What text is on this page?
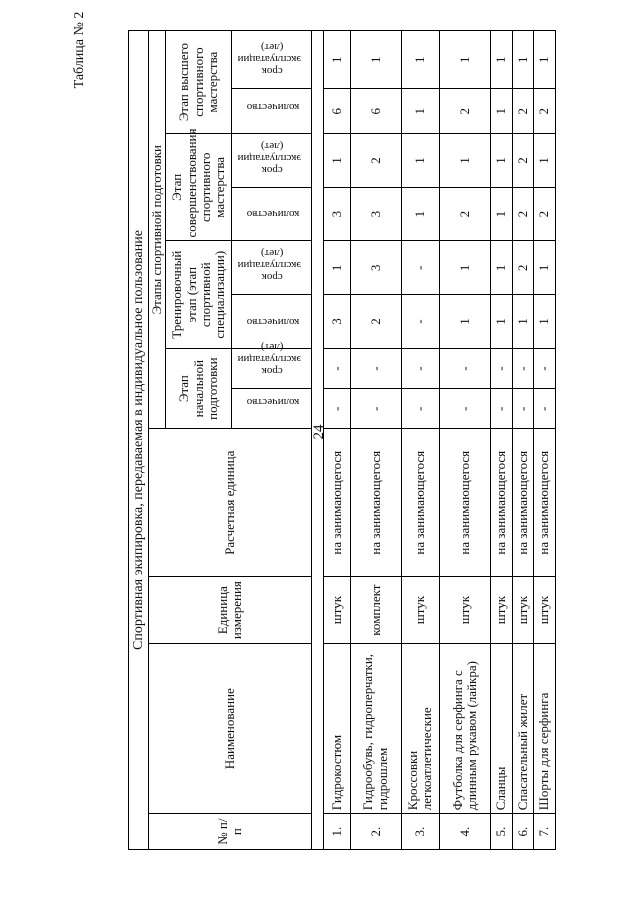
24
Таблица № 2
Спортивная экипировка, передаваемая в индивидуальное пользование											
№ п/п	Наименование	Единица измерения	Расчетная единица	Этапы спортивной подготовки							
				Этап начальной подготовки		Тренировочный этап (этап спортивной специализации)		Этап совершенствования спортивного мастерства		Этап высшего спортивного мастерства	
				количество	срок эксплуатации (лет)	количество	срок эксплуатации (лет)	количество	срок эксплуатации (лет)	количество	срок эксплуатации (лет)

1.	Гидрокостюм	штук	на занимающегося	-	-	3	1	3	1	6	1
2.	Гидрообувь, гидроперчатки, гидрошлем	комплект	на занимающегося	-	-	2	3	3	2	6	1
3.	Кроссовки легкоатлетические	штук	на занимающегося	-	-	-	-	1	1	1	1
4.	Футболка для серфинга с длинным рукавом (лайкра)	штук	на занимающегося	-	-	1	1	2	1	2	1
5.	Сланцы	штук	на занимающегося	-	-	1	1	1	1	1	1
6.	Спасательный жилет	штук	на занимающегося	-	-	1	2	2	2	2	1
7.	Шорты для серфинга	штук	на занимающегося	-	-	1	1	2	1	2	1
